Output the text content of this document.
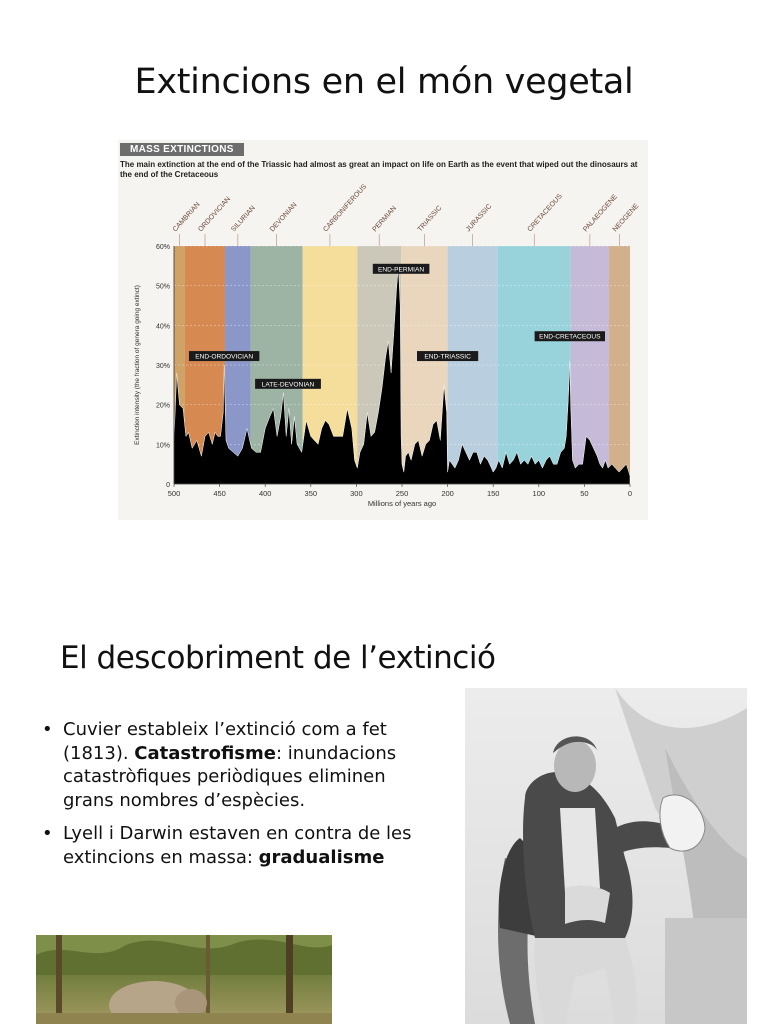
Extincions en el món vegetal
MASS EXTINCTIONS
The main extinction at the end of the Triassic had almost as great an impact on life on Earth as the event that wiped out the dinosaurs at the end of the Cretaceous
CAMBRIAN
ORDOVICIAN
SILURIAN DEVONIAN	CARBONIFEROUS PERMIAN	TRIASSIC	JURASSIC	CRETACEOUS	PALAEOGENE
NEOGENE
0
10%
20%
30%
40%
50%
60%
500	450	400	350	300	250	200	150	100	50	0
Millions of years ago
Extinction intensity (the fraction of genera going extinct)	END-ORDOVICIAN
LATE-DEVONIAN
END-PERMIAN
END-TRIASSIC
END-CRETACEOUS
El descobriment de l’extinció
• Cuvier estableix l’extinció com a fet (1813). Catastrofisme: inundacions catastròfiques periòdiques eliminen grans nombres d’espècies.
• Lyell i Darwin estaven en contra de les extincions en massa: gradualisme
